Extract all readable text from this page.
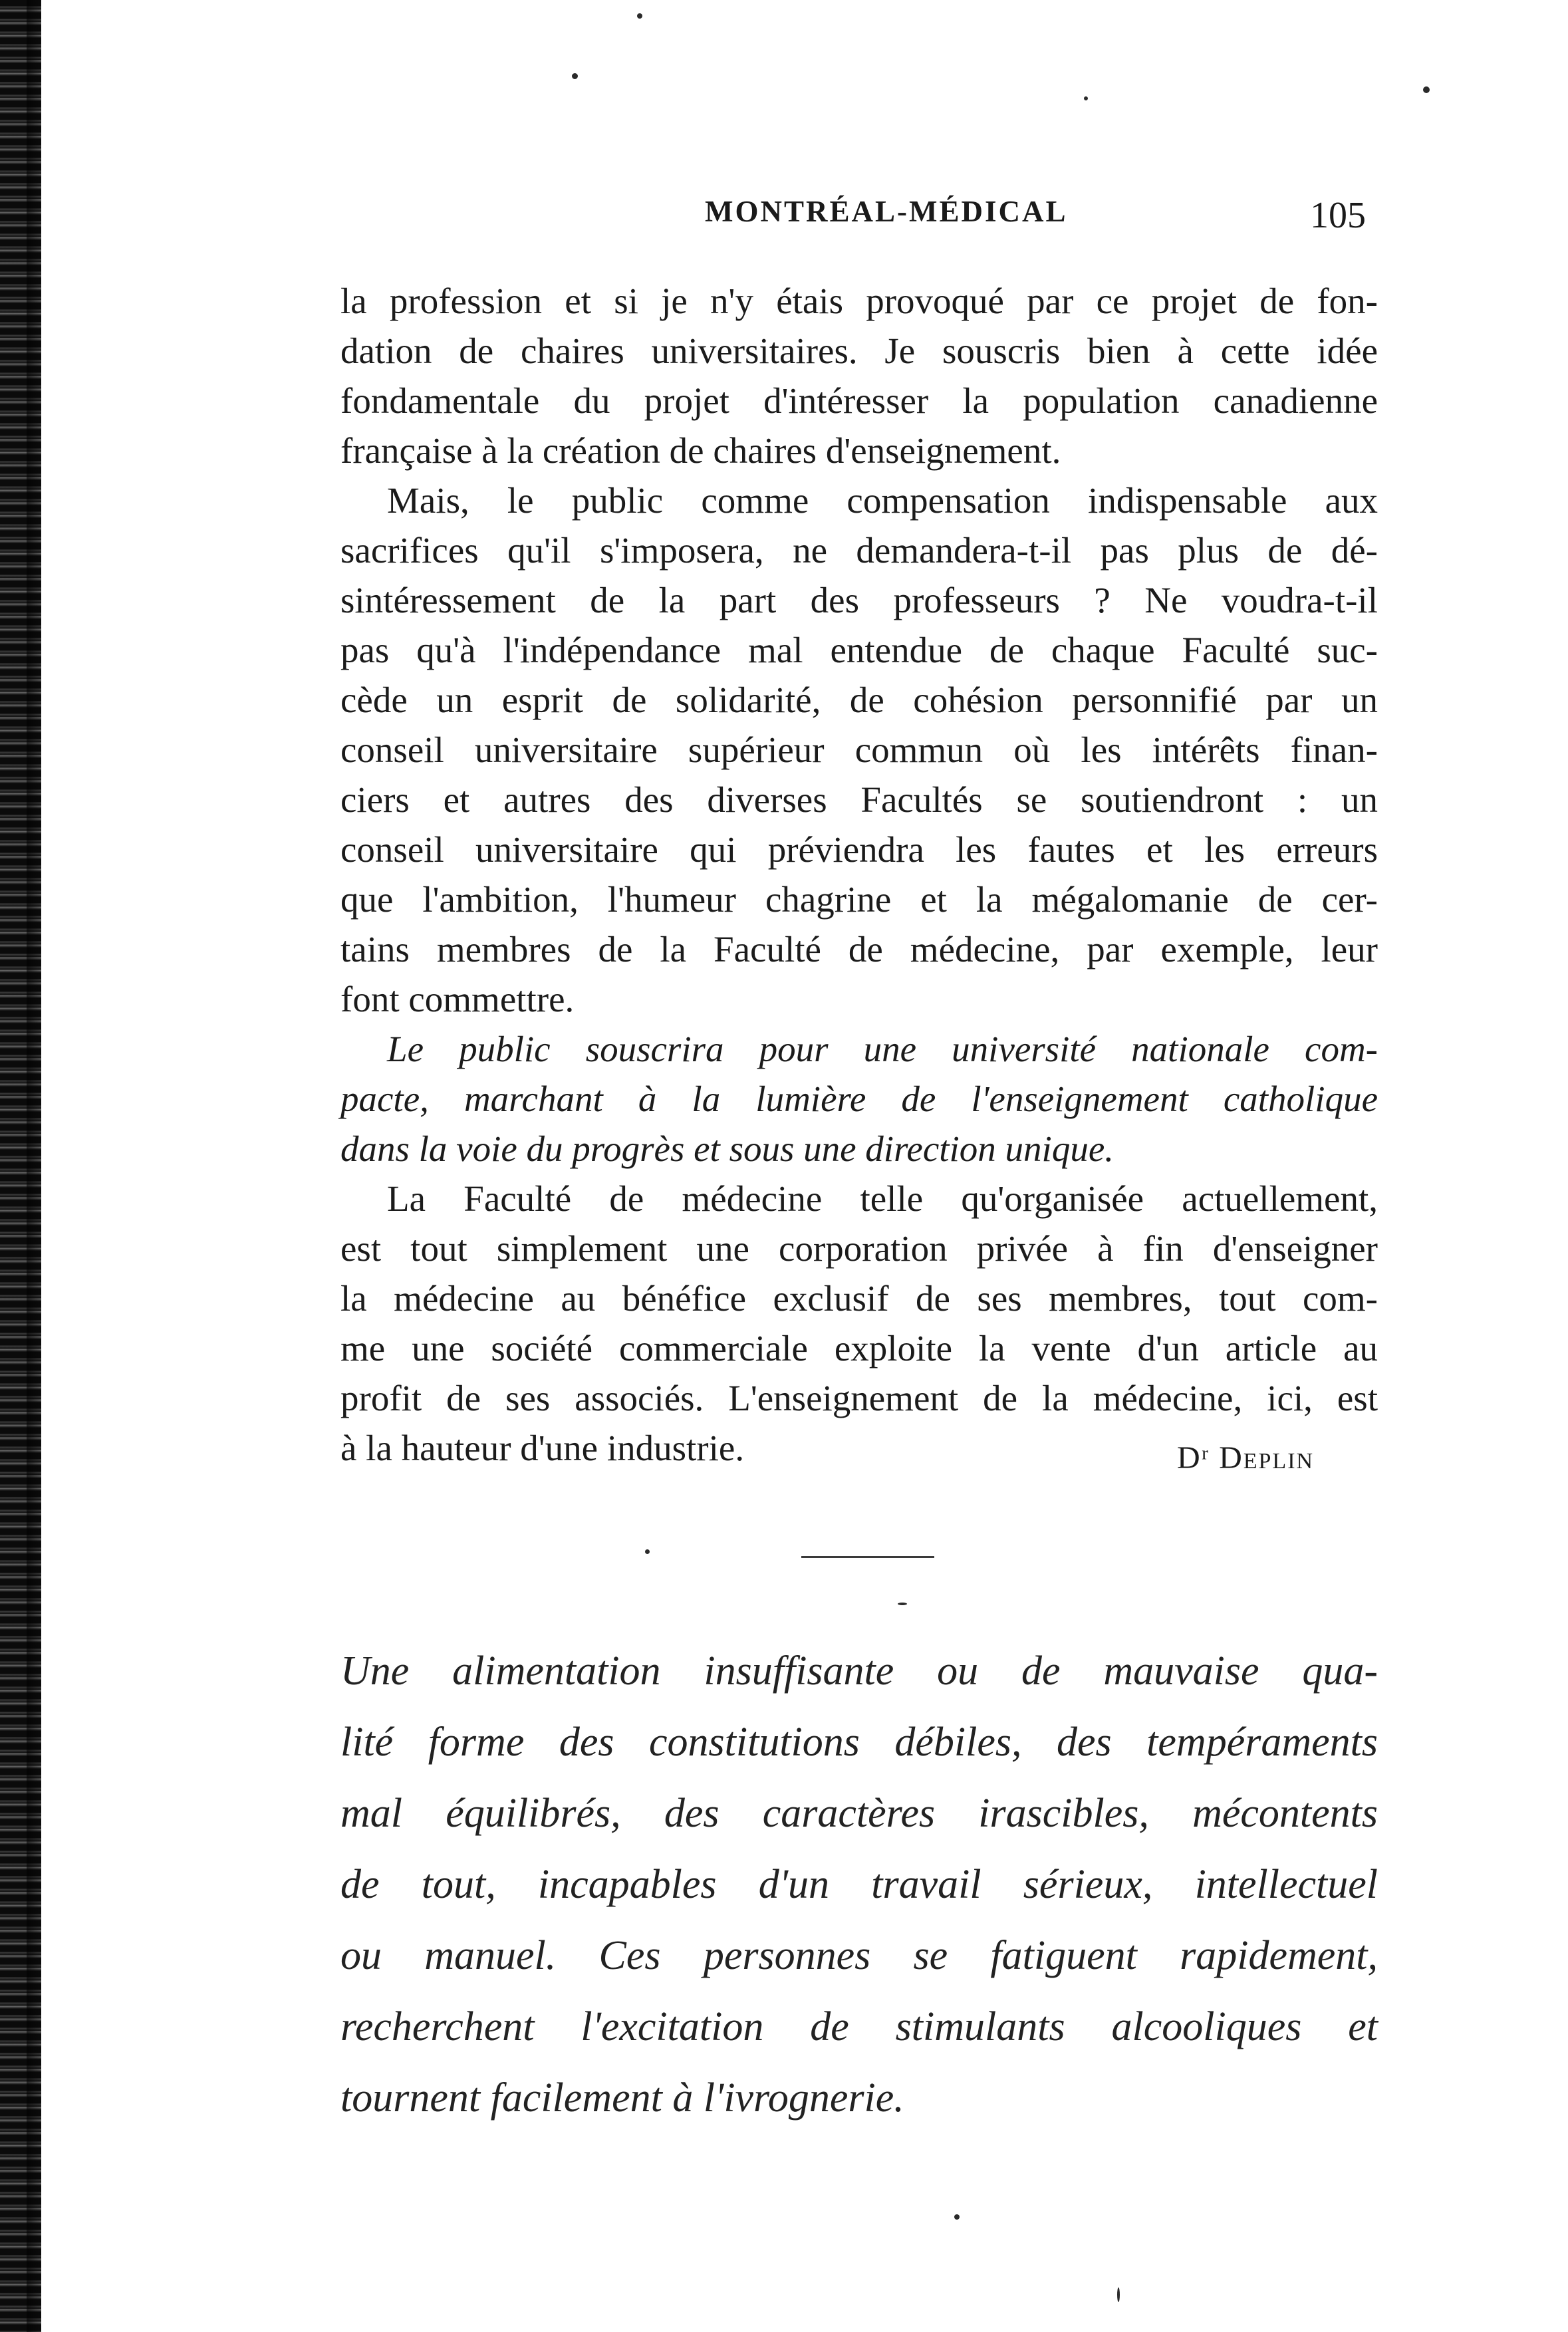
MONTRÉAL-MÉDICAL	105
la profession et si je n'y étais provoqué par ce projet de fon-
dation de chaires universitaires. Je souscris bien à cette idée
fondamentale du projet d'intéresser la population canadienne
française à la création de chaires d'enseignement.
Mais, le public comme compensation indispensable aux
sacrifices qu'il s'imposera, ne demandera-t-il pas plus de dé-
sintéressement de la part des professeurs ? Ne voudra-t-il
pas qu'à l'indépendance mal entendue de chaque Faculté suc-
cède un esprit de solidarité, de cohésion personnifié par un
conseil universitaire supérieur commun où les intérêts finan-
ciers et autres des diverses Facultés se soutiendront : un
conseil universitaire qui préviendra les fautes et les erreurs
que l'ambition, l'humeur chagrine et la mégalomanie de cer-
tains membres de la Faculté de médecine, par exemple, leur
font commettre.
Le public souscrira pour une université nationale com-
pacte, marchant à la lumière de l'enseignement catholique
dans la voie du progrès et sous une direction unique.
La Faculté de médecine telle qu'organisée actuellement,
est tout simplement une corporation privée à fin d'enseigner
la médecine au bénéfice exclusif de ses membres, tout com-
me une société commerciale exploite la vente d'un article au
profit de ses associés. L'enseignement de la médecine, ici, est
à la hauteur d'une industrie.	Dʳ Deplin
Une alimentation insuffisante ou de mauvaise qua-
lité forme des constitutions débiles, des tempéraments
mal équilibrés, des caractères irascibles, mécontents
de tout, incapables d'un travail sérieux, intellectuel
ou manuel. Ces personnes se fatiguent rapidement,
recherchent l'excitation de stimulants alcooliques et
tournent facilement à l'ivrognerie.
